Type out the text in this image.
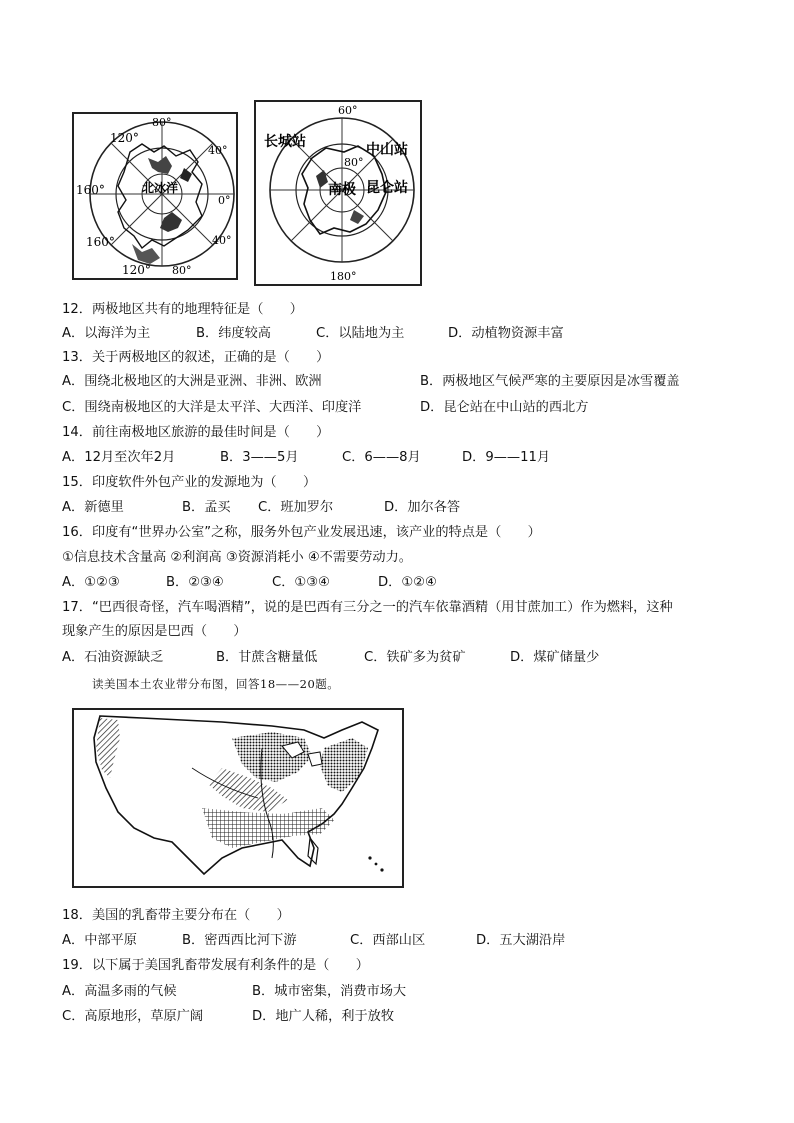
80°
120°
40°
160°
0°
160°	40°
120° 80°
北冰洋
60°
80°
180°
长城站	中山站
昆仑站
南极
12．两极地区共有的地理特征是（　　）
A．以海洋为主	B．纬度较高	C．以陆地为主	D．动植物资源丰富
13．关于两极地区的叙述，正确的是（　　）
A．围绕北极地区的大洲是亚洲、非洲、欧洲	B．两极地区气候严寒的主要原因是冰雪覆盖
C．围绕南极地区的大洋是太平洋、大西洋、印度洋	D．昆仑站在中山站的西北方
14．前往南极地区旅游的最佳时间是（　　）
A．12月至次年2月	B．3——5月	C．6——8月	D．9——11月
15．印度软件外包产业的发源地为（　　）
A．新德里	B．孟买 C．班加罗尔	D．加尔各答
16．印度有“世界办公室”之称，服务外包产业发展迅速，该产业的特点是（　　）
①信息技术含量高 ②利润高 ③资源消耗小 ④不需要劳动力。
A．①②③	B．②③④	C．①③④	D．①②④
17．“巴西很奇怪，汽车喝酒精”，说的是巴西有三分之一的汽车依靠酒精（用甘蔗加工）作为燃料，这种
现象产生的原因是巴西（　　）
A．石油资源缺乏	B．甘蔗含糖量低	C．铁矿多为贫矿	D．煤矿储量少
读美国本土农业带分布图，回答18——20题。
18．美国的乳畜带主要分布在（　　）
A．中部平原	B．密西西比河下游	C．西部山区	D．五大湖沿岸
19．以下属于美国乳畜带发展有利条件的是（　　）
A．高温多雨的气候	B．城市密集，消费市场大
C．高原地形，草原广阔	D．地广人稀，利于放牧
